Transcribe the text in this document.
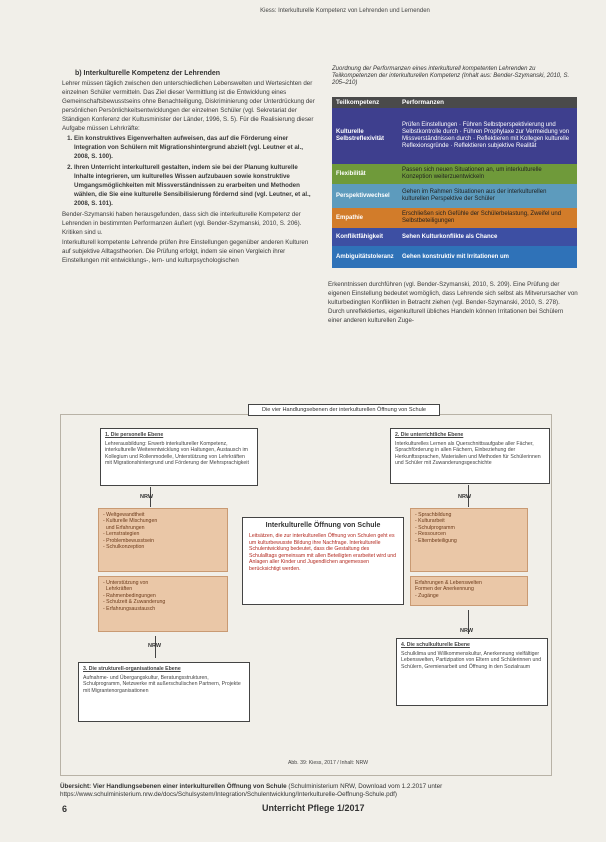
Kiess: Interkulturelle Kompetenz von Lehrenden und Lernenden
b) Interkulturelle Kompetenz der Lehrenden

Lehrer müssen täglich zwischen den unterschiedlichen Lebenswelten und Wertesichten der einzelnen Schüler vermitteln. Das Ziel dieser Vermittlung ist die Entwicklung eines Gemeinschaftsbewusstseins ohne Benachteiligung, Diskriminierung oder Unterdrückung der persönlichen Persönlichkeitsentwicklungen der einzelnen Schüler (vgl. Sekretariat der Ständigen Konferenz der Kultusminister der Länder, 1996, S. 5). Für die Realisierung dieser Aufgabe müssen Lehrkräfte:

1. Ein konstruktives Eigenverhalten aufweisen, das auf die Förderung einer Integration von Schülern mit Migrationshintergrund abzielt (vgl. Leutner et al., 2008, S. 100).
2. Ihren Unterricht interkulturell gestalten, indem sie bei der Planung kulturelle Inhalte integrieren, um kulturelles Wissen aufzubauen sowie konstruktive Umgangsmöglichkeiten mit Missverständnissen zu erarbeiten und Methoden wählen, die Sie eine kulturelle Sensibilisierung fördernd sind (vgl. Leutner, et al., 2008, S. 101).

Bender-Szymanski haben herausgefunden, dass sich die interkulturelle Kompetenz der Lehrenden in bestimmten Performanzen äußert (vgl. Bender-Szymanski, 2010, S. 206). Kritiken sind u.

Interkulturell kompetente Lehrende prüfen ihre Einstellungen gegenüber anderen Kulturen auf subjektive Alltagstheorien. Die Prüfung erfolgt, indem sie einen Vergleich ihrer Einstellungen mit entwicklungs-, lern- und kulturpsychologischen

Zuordnung der Performanzen eines interkulturell kompetenten Lehrenden zu Teilkompetenzen der interkulturellen Kompetenz (Inhalt aus: Bender-Szymanski, 2010, S. 205–210)
Teilkompetenz	Performanzen
Kulturelle Selbstreflexivität	Prüfen Einstellungen · Führen Selbstperspektivierung und Selbstkontrolle durch · Führen Prophylaxe zur Vermeidung von Missverständnissen durch · Reflektieren mit Kollegen kulturelle Reflexionsgründe · Reflektieren subjektive Realität
Flexibilität	Passen sich neuen Situationen an, um interkulturelle Konzeption weiterzuentwickeln
Perspektivwechsel	Gehen im Rahmen Situationen aus der interkulturellen kulturellen Perspektive der Schüler
Empathie	Erschließen sich Gefühle der Schülerbelastung, Zweifel und Selbstbeteiligungen
Konfliktfähigkeit	Sehen Kulturkonflikte als Chance
Ambiguitätstoleranz	Gehen konstruktiv mit Irritationen um
Erkenntnissen durchführen (vgl. Bender-Szymanski, 2010, S. 209). Eine Prüfung der eigenen Einstellung bedeutet womöglich, dass Lehrende sich selbst als Mitverursacher von kulturbedingten Konflikten in Betracht ziehen (vgl. Bender-Szymanski, 2010, S. 278). Durch unreflektiertes, eigenkulturell übliches Handeln können Irritationen bei Schülern einer anderen kulturellen Zuge-
Die vier Handlungsebenen der interkulturellen Öffnung von Schule
1. Die personelle Ebene
Lehrerausbildung: Erwerb interkultureller Kompetenz, interkulturelle Weiterentwicklung von Haltungen, Austausch im Kollegium und Rollenmodelle, Unterstützung von Lehrkräften mit Migrationshintergrund und Förderung der Mehrsprachigkeit
2. Die unterrichtliche Ebene
Interkulturelles Lernen als Querschnittsaufgabe aller Fächer, Sprachförderung in allen Fächern, Einbeziehung der Herkunftssprachen, Materialien und Methoden für Schülerinnen und Schüler mit Zuwanderungsgeschichte
NRW	NRW
- Weltgewandtheit
- Kulturelle Mischungen
und Erfahrungen
- Lernstrategien
- Problembewusstsein
- Schulkonzeption
- Unterstützung von
Lehrkräften
- Rahmenbedingungen
- Schulzeit & Zuwanderung
- Erfahrungsaustausch
- Sprachbildung
- Kulturarbeit
- Schulprogramm
- Ressourcen
- Elternbeteiligung
Erfahrungen & Lebenswelten
Formen der Anerkennung
- Zugänge
Interkulturelle Öffnung von Schule
Leitsätzen, die zur interkulturellen Öffnung von Schulen geht es um kulturbewusste Bildung ihre Nachfrage. Interkulturelle Schulentwicklung bedeutet, dass die Gestaltung des Schulalltags gemeinsam mit allen Beteiligten erarbeitet wird und Anlagen aller Kinder und Jugendlichen angemessen berücksichtigt werden.
NRW
NRW
3. Die strukturell-organisationale Ebene
Aufnahme- und Übergangskultur, Beratungsstrukturen, Schulprogramm, Netzwerke mit außerschulischen Partnern, Projekte mit Migrantenorganisationen
4. Die schulkulturelle Ebene
Schulklima und Willkommenskultur, Anerkennung vielfältiger Lebenswelten, Partizipation von Eltern und Schülerinnen und Schülern, Gremienarbeit und Öffnung in den Sozialraum
Abb. 39: Kiess, 2017 / Inhalt: NRW
Übersicht: Vier Handlungsebenen einer interkulturellen Öffnung von Schule (Schulministerium NRW, Download vom 1.2.2017 unter https://www.schulministerium.nrw.de/docs/Schulsystem/Integration/Schulentwicklung/Interkulturelle-Oeffnung-Schule.pdf)
6	Unterricht Pflege 1/2017
